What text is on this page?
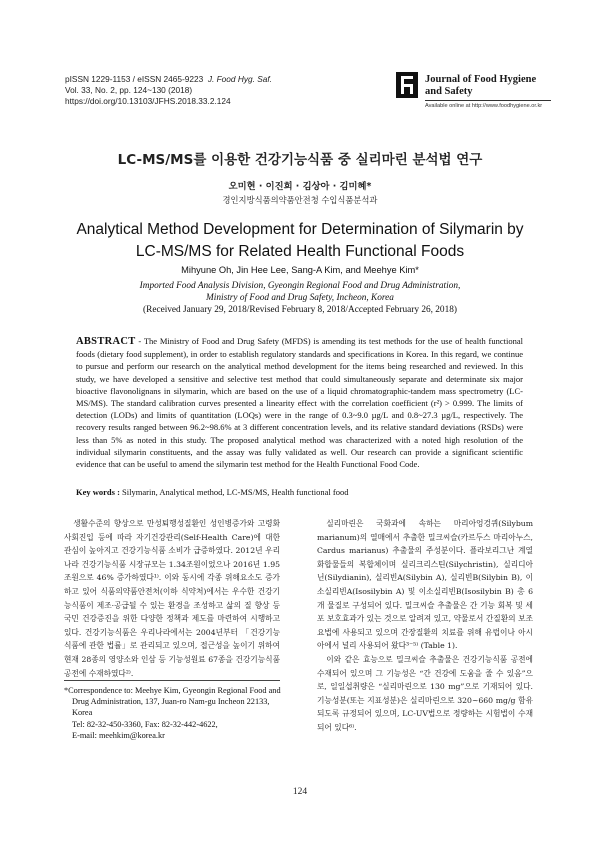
pISSN 1229-1153 / eISSN 2465-9223 J. Food Hyg. Saf.
Vol. 33, No. 2, pp. 124~130 (2018)
https://doi.org/10.13103/JFHS.2018.33.2.124
Journal of Food Hygiene
and Safety
Available online at http://www.foodhygiene.or.kr
LC-MS/MS를 이용한 건강기능식품 중 실리마린 분석법 연구
오미현 · 이진희 · 김상아 · 김미혜*
경인지방식품의약품안전청 수입식품분석과
Analytical Method Development for Determination of Silymarin by
LC-MS/MS for Related Health Functional Foods
Mihyune Oh, Jin Hee Lee, Sang-A Kim, and Meehye Kim*
Imported Food Analysis Division, Gyeongin Regional Food and Drug Administration,
Ministry of Food and Drug Safety, Incheon, Korea
(Received January 29, 2018/Revised February 8, 2018/Accepted February 26, 2018)
ABSTRACT - The Ministry of Food and Drug Safety (MFDS) is amending its test methods for the use of health functional foods (dietary food supplement), in order to establish regulatory standards and specifications in Korea. In this regard, we continue to pursue and perform our research on the analytical method development for the items being researched and reviewed. In this study, we have developed a sensitive and selective test method that could simultaneously separate and determinate six major bioactive flavonolignans in silymarin, which are based on the use of a liquid chromatographic-tandem mass spectrometry (LC-MS/MS). The standard calibration curves presented a linearity effect with the correlation coefficient (r²) > 0.999. The limits of detection (LODs) and limits of quantitation (LOQs) were in the range of 0.3~9.0 µg/L and 0.8~27.3 µg/L, respectively. The recovery results ranged between 96.2~98.6% at 3 different concentration levels, and its relative standard deviations (RSDs) were less than 5% as noted in this study. The proposed analytical method was characterized with a noted high resolution of the individual silymarin constituents, and the assay was fully validated as well. Our research can provide a significant scientific evidence that can be useful to amend the silymarin test method for the Health Functional Food Code.
Key words : Silymarin, Analytical method, LC-MS/MS, Health functional food

생활수준의 향상으로 만성퇴행성질환인 성인병증가와 고령화사회진입 등에 따라 자기건강관리(Self-Health Care)에 대한 관심이 높아지고 건강기능식품 소비가 급증하였다. 2012년 우리나라 건강기능식품 시장규모는 1.34조원이었으나 2016년 1.95조원으로 46% 증가하였다¹⁾. 이와 동시에 각종 위해요소도 증가하고 있어 식품의약품안전처(이하 식약처)에서는 우수한 건강기능식품이 제조·공급될 수 있는 환경을 조성하고 삶의 질 향상 등 국민 건강증진을 위한 다양한 정책과 제도를 마련하여 시행하고 있다. 건강기능식품은 우리나라에서는 2004년부터 「건강기능식품에 관한 법률」로 관리되고 있으며, 접근성을 높이기 위하여 현재 28종의 영양소와 인삼 등 기능성원료 67종을 건강기능식품 공전에 수재하였다²⁾.

*Correspondence to: Meehye Kim, Gyeongin Regional Food and
Drug Administration, 137, Juan-ro Nam-gu Incheon 22133, Korea
Tel: 82-32-450-3360, Fax: 82-32-442-4622,
E-mail: meehkim@korea.kr

실리마린은 국화과에 속하는 마리아엉겅퀴(Silybum marianum)의 열매에서 추출한 밀크씨슬(카르두스 마리아누스, Cardus marianus) 추출물의 주성분이다. 플라보리그난 계열 화합물들의 복합체이며 실리크리스틴(Silychristin), 실리디아닌(Silydianin), 실리빈A(Silybin A), 실리빈B(Silybin B), 이소실리빈A(Isosilybin A) 및 이소실리빈B(Isosilybin B) 총 6개 물질로 구성되어 있다. 밀크씨슬 추출물은 간 기능 회복 및 세포 보호효과가 있는 것으로 알려져 있고, 약물로서 간질환의 보조요법에 사용되고 있으며 간장질환의 치료를 위해 유럽이나 아시아에서 널리 사용되어 왔다³⁻⁵⁾ (Table 1).

이와 같은 효능으로 밀크씨슬 추출물은 건강기능식품 공전에 수재되어 있으며 그 기능성은 “간 건강에 도움을 줄 수 있음”으로, 일일섭취량은 “실리마린으로 130 mg”으로 기재되어 있다. 기능성분(또는 지표성분)은 실리마린으로 320~660 mg/g 함유되도록 규정되어 있으며, LC-UV법으로 정량하는 시험법이 수재되어 있다⁶⁾.

124
